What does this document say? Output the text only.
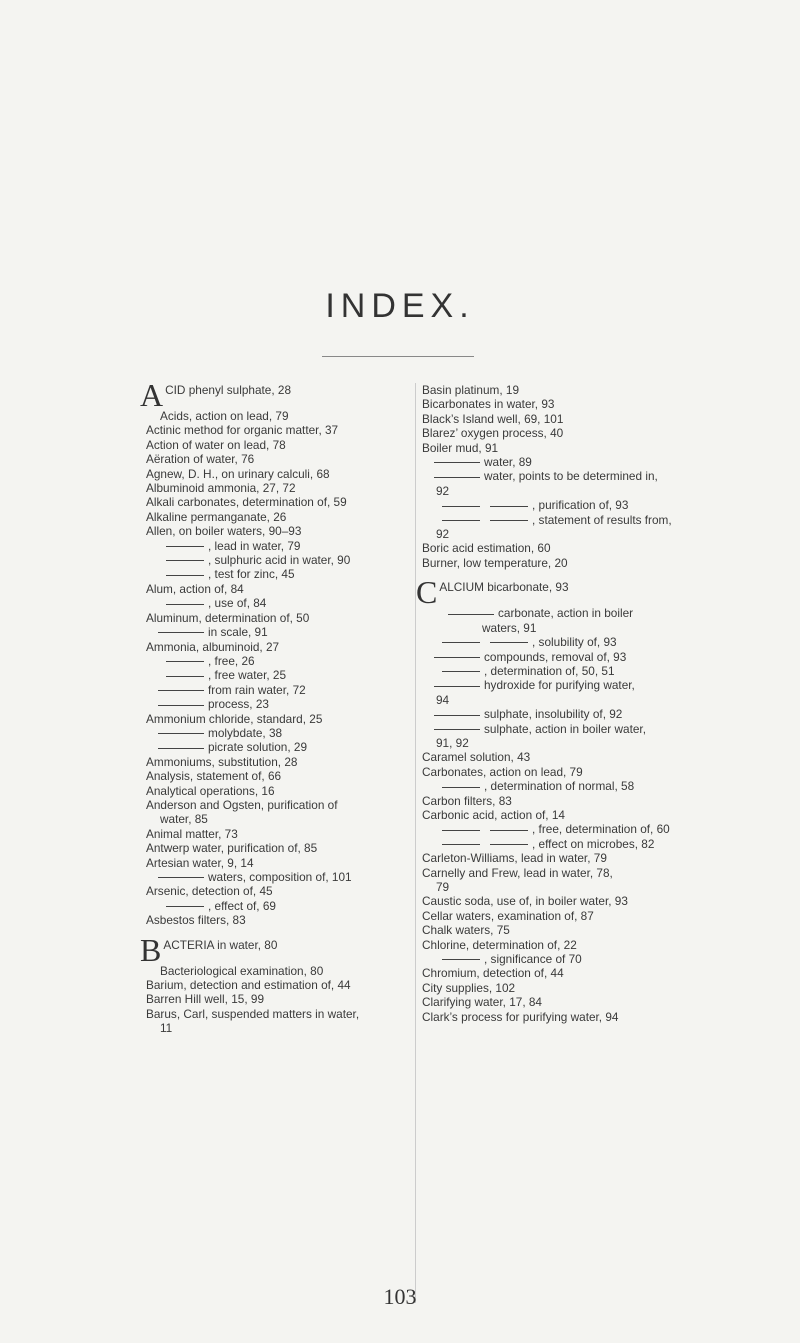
INDEX.
ACID phenyl sulphate, 28
Acids, action on lead, 79
Actinic method for organic matter, 37
Action of water on lead, 78
Aëration of water, 76
Agnew, D. H., on urinary calculi, 68
Albuminoid ammonia, 27, 72
Alkali carbonates, determination of, 59
Alkaline permanganate, 26
Allen, on boiler waters, 90–93
, lead in water, 79
, sulphuric acid in water, 90
, test for zinc, 45
Alum, action of, 84
, use of, 84
Aluminum, determination of, 50
in scale, 91
Ammonia, albuminoid, 27
, free, 26
, free water, 25
from rain water, 72
process, 23
Ammonium chloride, standard, 25
molybdate, 38
picrate solution, 29
Ammoniums, substitution, 28
Analysis, statement of, 66
Analytical operations, 16
Anderson and Ogsten, purification of
water, 85
Animal matter, 73
Antwerp water, purification of, 85
Artesian water, 9, 14
waters, composition of, 101
Arsenic, detection of, 45
, effect of, 69
Asbestos filters, 83
BACTERIA in water, 80
Bacteriological examination, 80
Barium, detection and estimation of, 44
Barren Hill well, 15, 99
Barus, Carl, suspended matters in water,
11
Basin platinum, 19
Bicarbonates in water, 93
Black’s Island well, 69, 101
Blarez’ oxygen process, 40
Boiler mud, 91
water, 89
water, points to be determined in,
92
, purification of, 93
, statement of results from,
92
Boric acid estimation, 60
Burner, low temperature, 20
CALCIUM bicarbonate, 93
carbonate, action in boiler
waters, 91
, solubility of, 93
compounds, removal of, 93
, determination of, 50, 51
hydroxide for purifying water,
94
sulphate, insolubility of, 92
sulphate, action in boiler water,
91, 92
Caramel solution, 43
Carbonates, action on lead, 79
, determination of normal, 58
Carbon filters, 83
Carbonic acid, action of, 14
, free, determination of, 60
, effect on microbes, 82
Carleton-Williams, lead in water, 79
Carnelly and Frew, lead in water, 78,
79
Caustic soda, use of, in boiler water, 93
Cellar waters, examination of, 87
Chalk waters, 75
Chlorine, determination of, 22
, significance of 70
Chromium, detection of, 44
City supplies, 102
Clarifying water, 17, 84
Clark’s process for purifying water, 94
103
